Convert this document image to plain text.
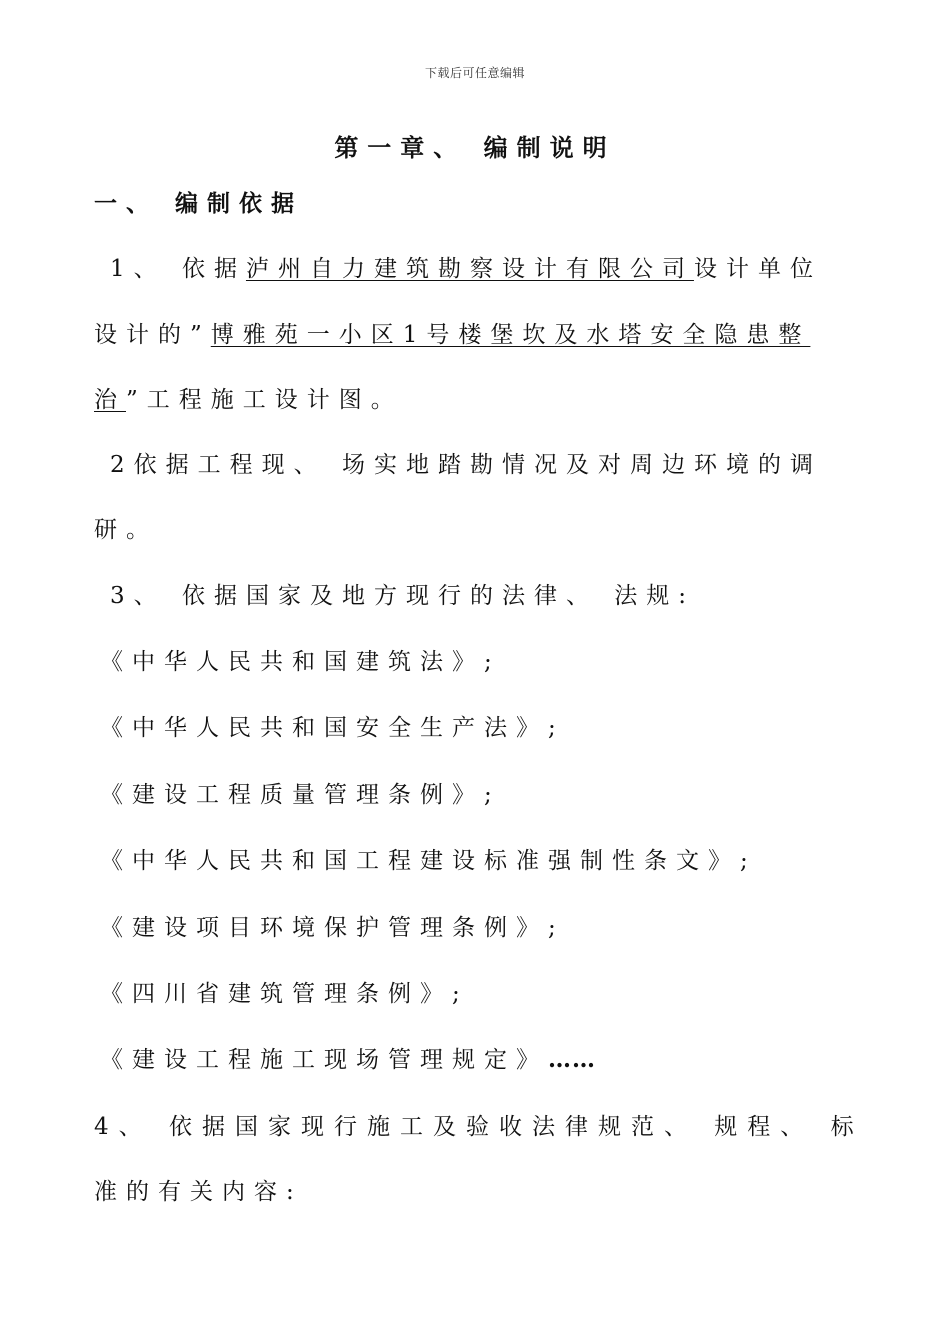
下载后可任意编辑
第一章、 编制说明
一、 编制依据
1、 依据泸州自力建筑勘察设计有限公司设计单位
设计的”博雅苑一小区1号楼堡坎及水塔安全隐患整
治”工程施工设计图。
2依据工程现、 场实地踏勘情况及对周边环境的调
研。
3、 依据国家及地方现行的法律、 法规:
《中华人民共和国建筑法》;
《中华人民共和国安全生产法》;
《建设工程质量管理条例》;
《中华人民共和国工程建设标准强制性条文》;
《建设项目环境保护管理条例》;
《四川省建筑管理条例》;
《建设工程施工现场管理规定》……
4、 依据国家现行施工及验收法律规范、 规程、 标
准的有关内容:
